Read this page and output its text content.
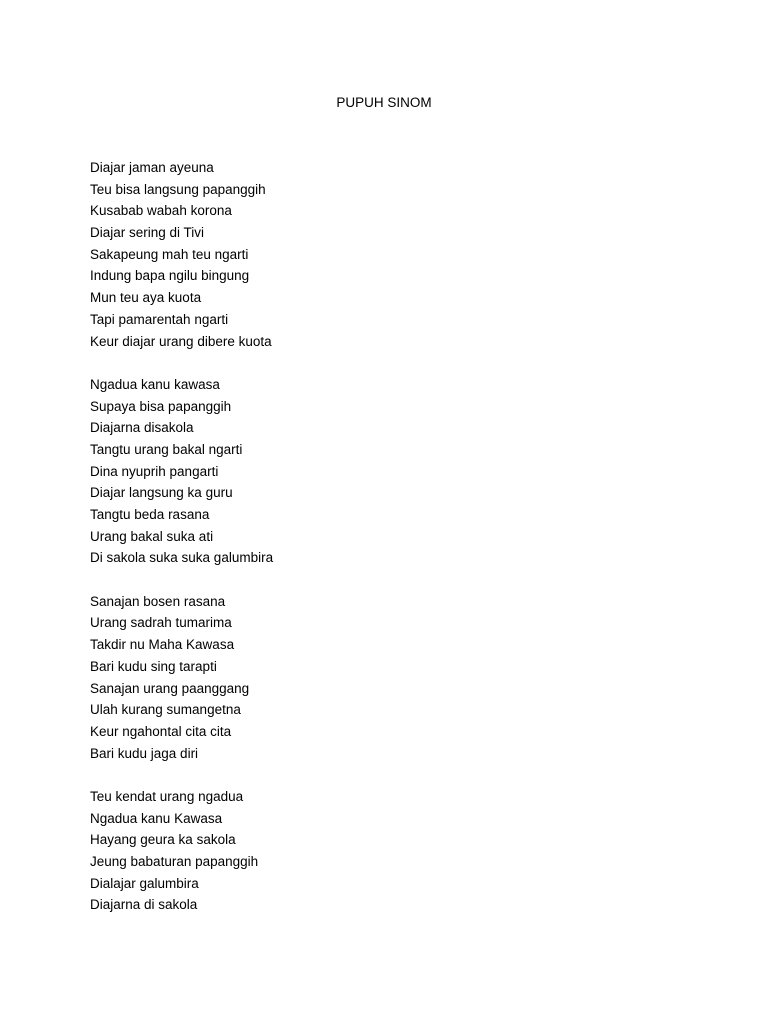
PUPUH SINOM
Diajar jaman ayeuna
Teu bisa langsung papanggih
Kusabab wabah korona
Diajar sering di Tivi
Sakapeung mah teu ngarti
Indung bapa ngilu bingung
Mun teu aya kuota
Tapi pamarentah ngarti
Keur diajar urang dibere kuota
Ngadua kanu kawasa
Supaya bisa papanggih
Diajarna disakola
Tangtu urang bakal ngarti
Dina nyuprih pangarti
Diajar langsung ka guru
Tangtu beda rasana
Urang bakal suka ati
Di sakola suka suka galumbira
Sanajan bosen rasana
Urang sadrah tumarima
Takdir nu Maha Kawasa
Bari kudu sing tarapti
Sanajan urang paanggang
Ulah kurang sumangetna
Keur ngahontal cita cita
Bari kudu jaga diri
Teu kendat urang ngadua
Ngadua kanu Kawasa
Hayang geura ka sakola
Jeung babaturan papanggih
Dialajar galumbira
Diajarna di sakola
